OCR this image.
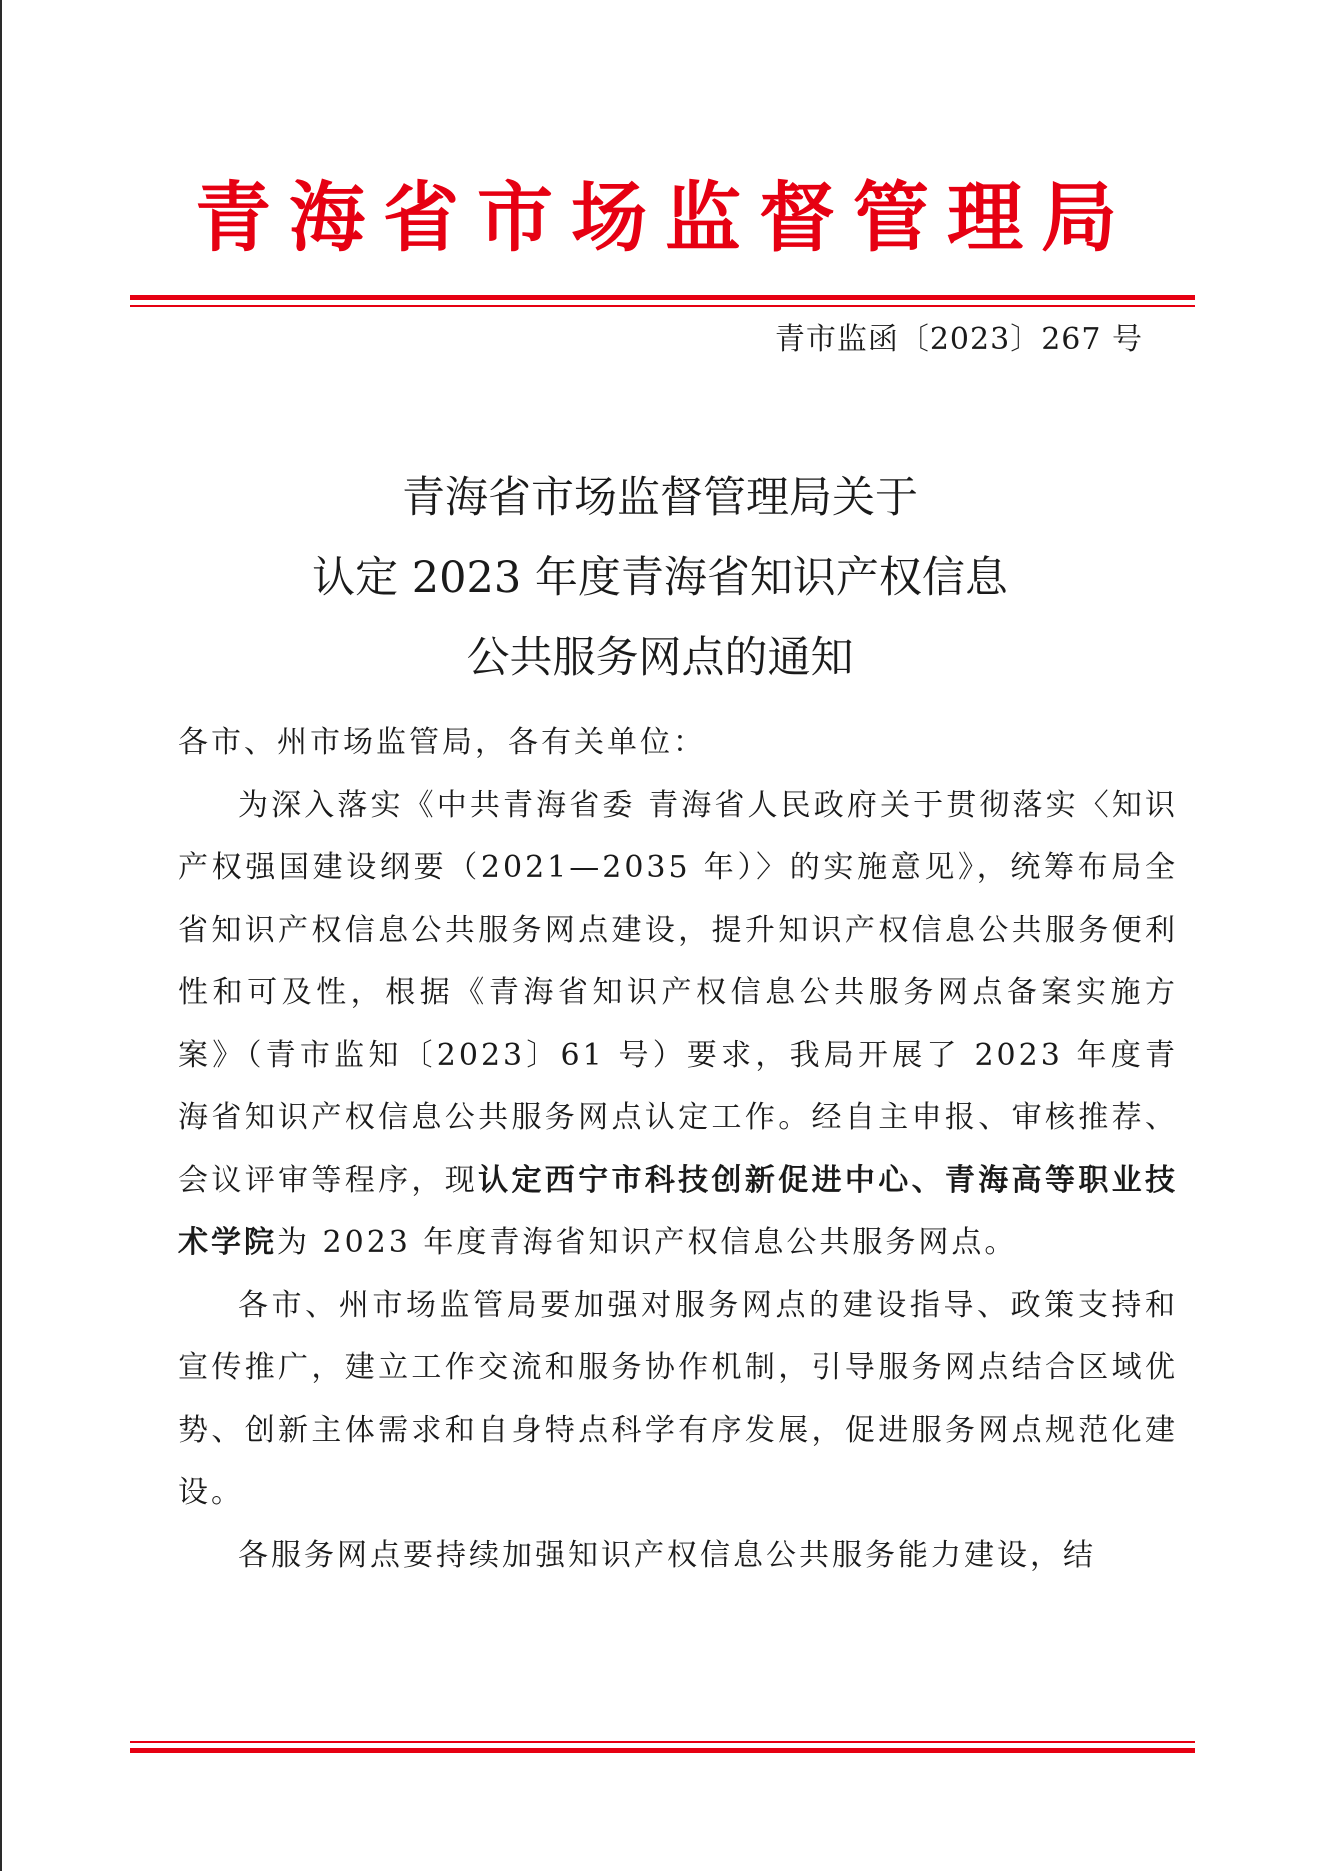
青海省市场监督管理局
青市监函〔2023〕267 号
青海省市场监督管理局关于
认定 2023 年度青海省知识产权信息
公共服务网点的通知

各市、州市场监管局，各有关单位：

为深入落实《中共青海省委 青海省人民政府关于贯彻落实〈知识产权强国建设纲要（2021—2035 年）〉的实施意见》，统筹布局全省知识产权信息公共服务网点建设，提升知识产权信息公共服务便利性和可及性，根据《青海省知识产权信息公共服务网点备案实施方案》（青市监知〔2023〕61 号）要求，我局开展了 2023 年度青海省知识产权信息公共服务网点认定工作。经自主申报、审核推荐、会议评审等程序，现认定西宁市科技创新促进中心、青海高等职业技术学院为 2023 年度青海省知识产权信息公共服务网点。

各市、州市场监管局要加强对服务网点的建设指导、政策支持和宣传推广，建立工作交流和服务协作机制，引导服务网点结合区域优势、创新主体需求和自身特点科学有序发展，促进服务网点规范化建设。

各服务网点要持续加强知识产权信息公共服务能力建设，结
